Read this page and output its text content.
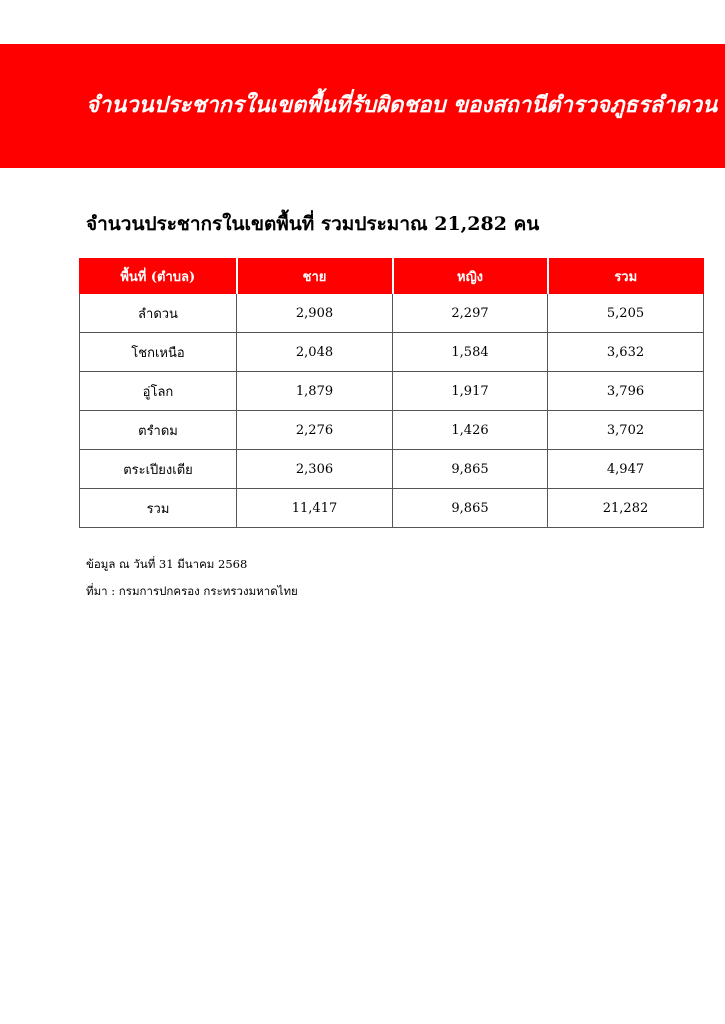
จำนวนประชากรในเขตพื้นที่รับผิดชอบ ของสถานีตำรวจภูธรลำดวน
จำนวนประชากรในเขตพื้นที่ รวมประมาณ 21,282 คน
พื้นที่ (ตำบล)	ชาย	หญิง	รวม
ลำดวน	2,908	2,297	5,205
โชกเหนือ	2,048	1,584	3,632
อู่โลก	1,879	1,917	3,796
ตรำดม	2,276	1,426	3,702
ตระเปียงเตีย	2,306	9,865	4,947
รวม	11,417	9,865	21,282

ข้อมูล ณ วันที่ 31 มีนาคม 2568

ที่มา : กรมการปกครอง กระทรวงมหาดไทย
